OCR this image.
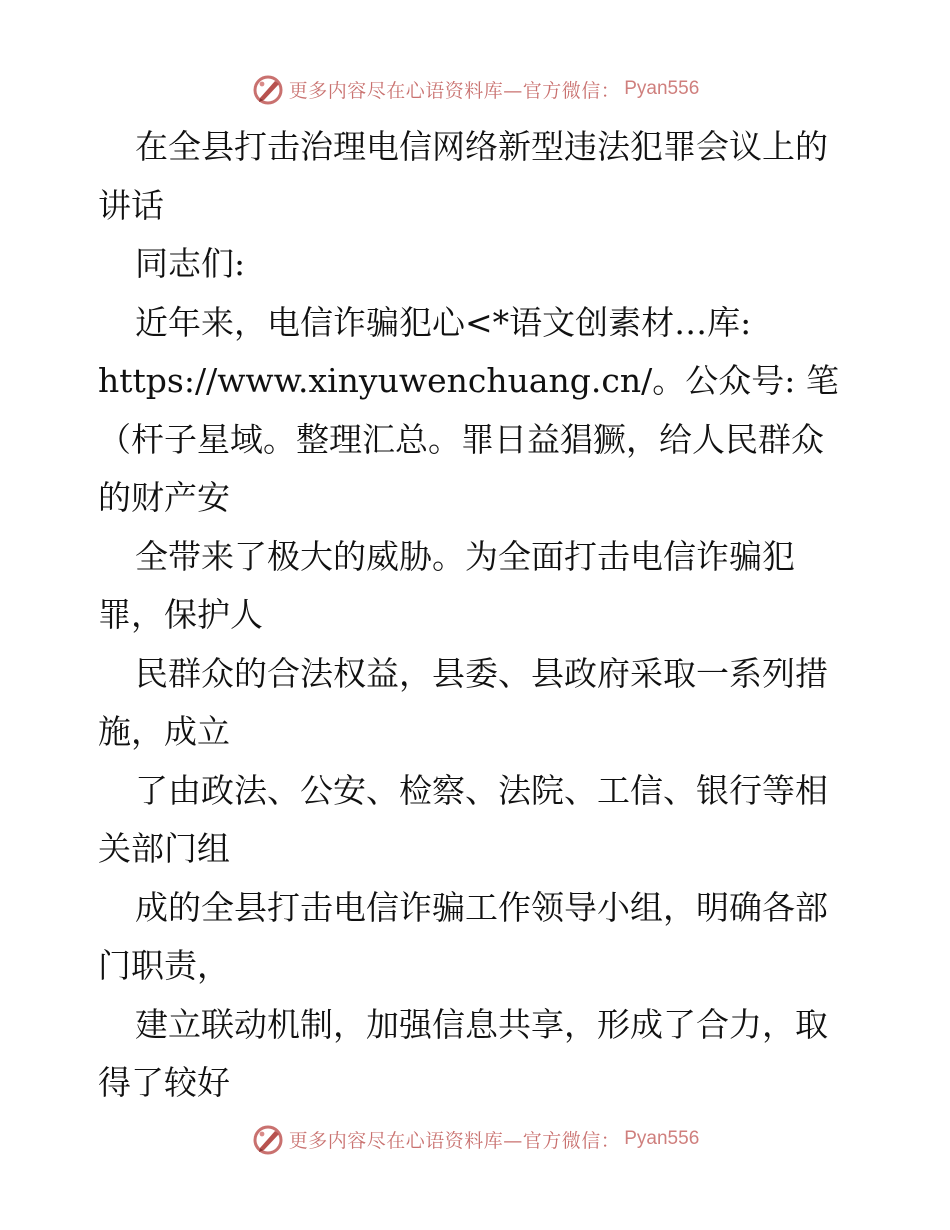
更多内容尽在心语资料库—官方微信： Pyan556
在全县打击治理电信网络新型违法犯罪会议上的
讲话
同志们:
近年来，电信诈骗犯心<*语文创素材…库:
https://www.xinyuwenchuang.cn/。公众号: 笔
（杆子星域。整理汇总。罪日益猖獗，给人民群众
的财产安
全带来了极大的威胁。为全面打击电信诈骗犯
罪，保护人
民群众的合法权益，县委、县政府采取一系列措
施，成立
了由政法、公安、检察、法院、工信、银行等相
关部门组
成的全县打击电信诈骗工作领导小组，明确各部
门职责，
建立联动机制，加强信息共享，形成了合力，取
得了较好
更多内容尽在心语资料库—官方微信： Pyan556
